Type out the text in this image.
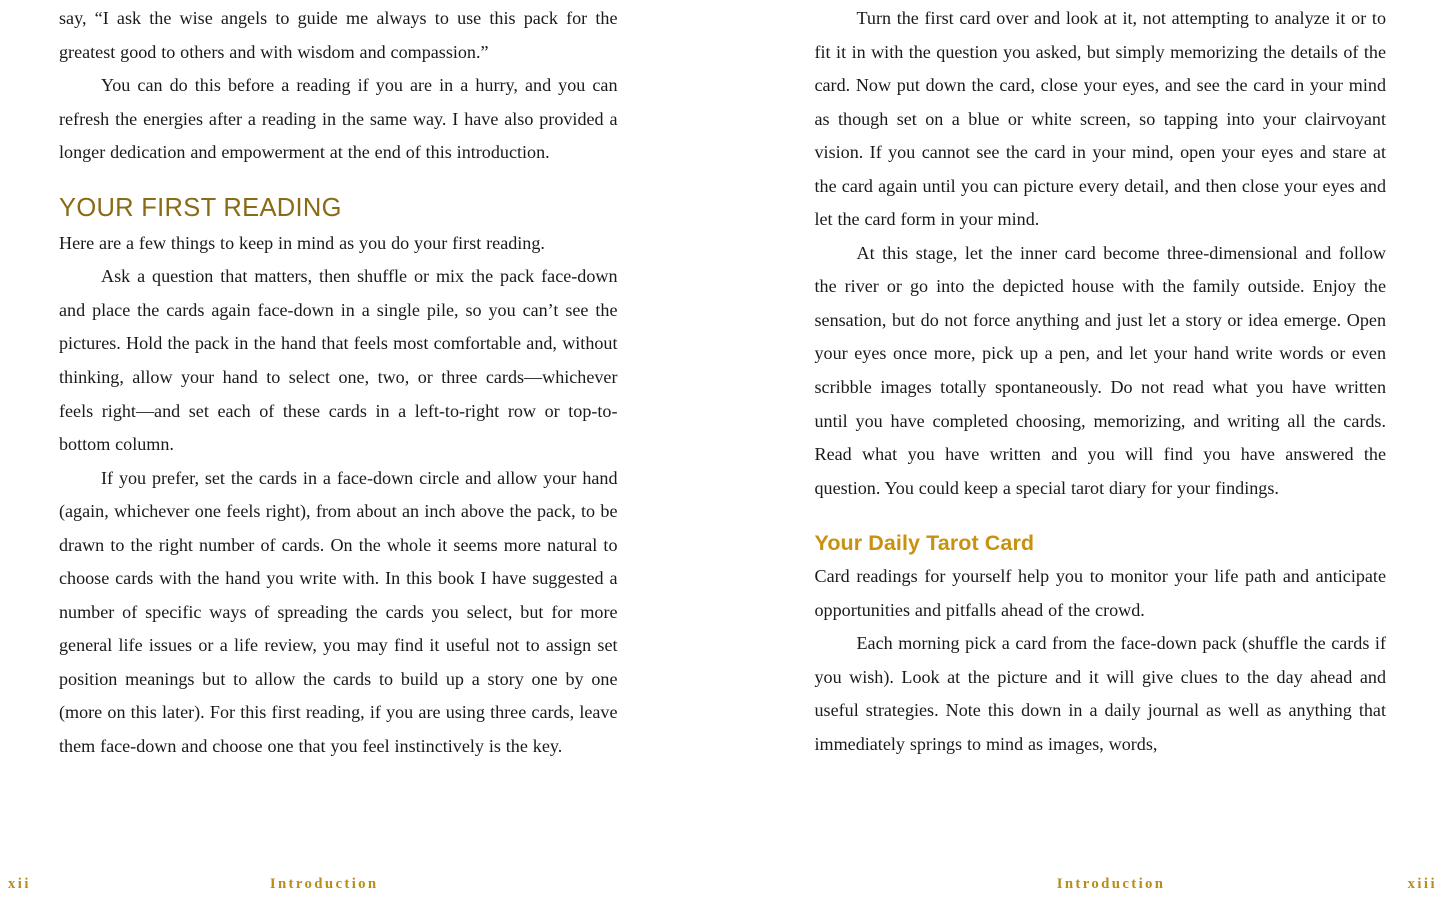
say, “I ask the wise angels to guide me always to use this pack for the greatest good to others and with wisdom and compassion.”

You can do this before a reading if you are in a hurry, and you can refresh the energies after a reading in the same way. I have also provided a longer dedication and empowerment at the end of this introduction.

YOUR FIRST READING

Here are a few things to keep in mind as you do your first reading.

Ask a question that matters, then shuffle or mix the pack face-down and place the cards again face-down in a single pile, so you can’t see the pictures. Hold the pack in the hand that feels most comfortable and, without thinking, allow your hand to select one, two, or three cards—whichever feels right—and set each of these cards in a left-to-right row or top-to-bottom column.

If you prefer, set the cards in a face-down circle and allow your hand (again, whichever one feels right), from about an inch above the pack, to be drawn to the right number of cards. On the whole it seems more natural to choose cards with the hand you write with. In this book I have suggested a number of specific ways of spreading the cards you select, but for more general life issues or a life review, you may find it useful not to assign set position meanings but to allow the cards to build up a story one by one (more on this later). For this first reading, if you are using three cards, leave them face-down and choose one that you feel instinctively is the key.

xii	Introduction

Turn the first card over and look at it, not attempting to analyze it or to fit it in with the question you asked, but simply memorizing the details of the card. Now put down the card, close your eyes, and see the card in your mind as though set on a blue or white screen, so tapping into your clairvoyant vision. If you cannot see the card in your mind, open your eyes and stare at the card again until you can picture every detail, and then close your eyes and let the card form in your mind.

At this stage, let the inner card become three-dimensional and follow the river or go into the depicted house with the family outside. Enjoy the sensation, but do not force anything and just let a story or idea emerge. Open your eyes once more, pick up a pen, and let your hand write words or even scribble images totally spontaneously. Do not read what you have written until you have completed choosing, memorizing, and writing all the cards. Read what you have written and you will find you have answered the question. You could keep a special tarot diary for your findings.

Your Daily Tarot Card

Card readings for yourself help you to monitor your life path and anticipate opportunities and pitfalls ahead of the crowd.

Each morning pick a card from the face-down pack (shuffle the cards if you wish). Look at the picture and it will give clues to the day ahead and useful strategies. Note this down in a daily journal as well as anything that immediately springs to mind as images, words,

Introduction	xiii
